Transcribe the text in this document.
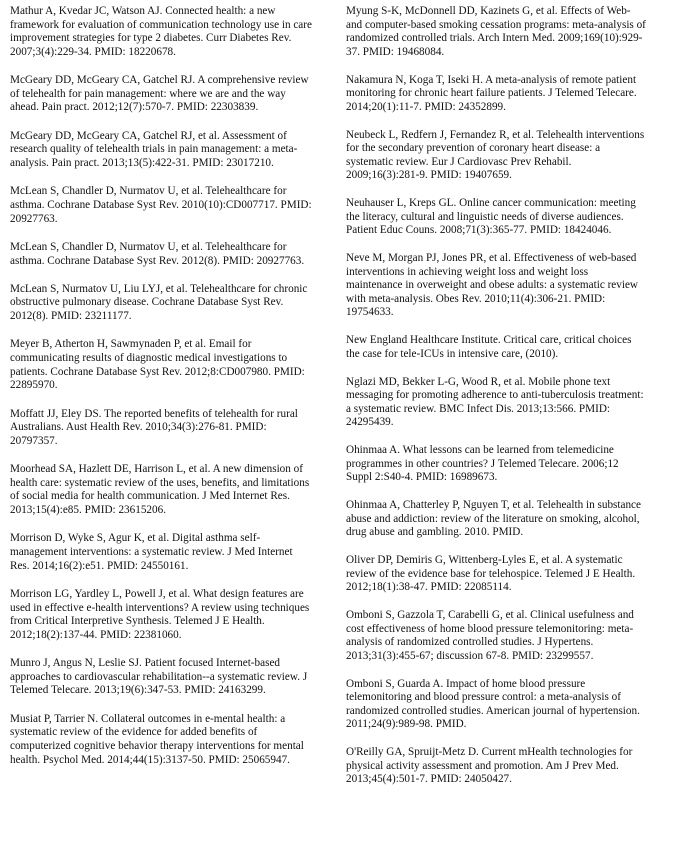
Mathur A, Kvedar JC, Watson AJ. Connected health: a new framework for evaluation of communication technology use in care improvement strategies for type 2 diabetes. Curr Diabetes Rev. 2007;3(4):229-34. PMID: 18220678.

McGeary DD, McGeary CA, Gatchel RJ. A comprehensive review of telehealth for pain management: where we are and the way ahead. Pain pract. 2012;12(7):570-7. PMID: 22303839.

McGeary DD, McGeary CA, Gatchel RJ, et al. Assessment of research quality of telehealth trials in pain management: a meta-analysis. Pain pract. 2013;13(5):422-31. PMID: 23017210.

McLean S, Chandler D, Nurmatov U, et al. Telehealthcare for asthma. Cochrane Database Syst Rev. 2010(10):CD007717. PMID: 20927763.

McLean S, Chandler D, Nurmatov U, et al. Telehealthcare for asthma. Cochrane Database Syst Rev. 2012(8). PMID: 20927763.

McLean S, Nurmatov U, Liu LYJ, et al. Telehealthcare for chronic obstructive pulmonary disease. Cochrane Database Syst Rev. 2012(8). PMID: 23211177.

Meyer B, Atherton H, Sawmynaden P, et al. Email for communicating results of diagnostic medical investigations to patients. Cochrane Database Syst Rev. 2012;8:CD007980. PMID: 22895970.

Moffatt JJ, Eley DS. The reported benefits of telehealth for rural Australians. Aust Health Rev. 2010;34(3):276-81. PMID: 20797357.

Moorhead SA, Hazlett DE, Harrison L, et al. A new dimension of health care: systematic review of the uses, benefits, and limitations of social media for health communication. J Med Internet Res. 2013;15(4):e85. PMID: 23615206.

Morrison D, Wyke S, Agur K, et al. Digital asthma self-management interventions: a systematic review. J Med Internet Res. 2014;16(2):e51. PMID: 24550161.

Morrison LG, Yardley L, Powell J, et al. What design features are used in effective e-health interventions? A review using techniques from Critical Interpretive Synthesis. Telemed J E Health. 2012;18(2):137-44. PMID: 22381060.

Munro J, Angus N, Leslie SJ. Patient focused Internet-based approaches to cardiovascular rehabilitation--a systematic review. J Telemed Telecare. 2013;19(6):347-53. PMID: 24163299.

Musiat P, Tarrier N. Collateral outcomes in e-mental health: a systematic review of the evidence for added benefits of computerized cognitive behavior therapy interventions for mental health. Psychol Med. 2014;44(15):3137-50. PMID: 25065947.

Myung S-K, McDonnell DD, Kazinets G, et al. Effects of Web- and computer-based smoking cessation programs: meta-analysis of randomized controlled trials. Arch Intern Med. 2009;169(10):929-37. PMID: 19468084.

Nakamura N, Koga T, Iseki H. A meta-analysis of remote patient monitoring for chronic heart failure patients. J Telemed Telecare. 2014;20(1):11-7. PMID: 24352899.

Neubeck L, Redfern J, Fernandez R, et al. Telehealth interventions for the secondary prevention of coronary heart disease: a systematic review. Eur J Cardiovasc Prev Rehabil. 2009;16(3):281-9. PMID: 19407659.

Neuhauser L, Kreps GL. Online cancer communication: meeting the literacy, cultural and linguistic needs of diverse audiences. Patient Educ Couns. 2008;71(3):365-77. PMID: 18424046.

Neve M, Morgan PJ, Jones PR, et al. Effectiveness of web-based interventions in achieving weight loss and weight loss maintenance in overweight and obese adults: a systematic review with meta-analysis. Obes Rev. 2010;11(4):306-21. PMID: 19754633.

New England Healthcare Institute. Critical care, critical choices the case for tele-ICUs in intensive care, (2010).

Nglazi MD, Bekker L-G, Wood R, et al. Mobile phone text messaging for promoting adherence to anti-tuberculosis treatment: a systematic review. BMC Infect Dis. 2013;13:566. PMID: 24295439.

Ohinmaa A. What lessons can be learned from telemedicine programmes in other countries? J Telemed Telecare. 2006;12 Suppl 2:S40-4. PMID: 16989673.

Ohinmaa A, Chatterley P, Nguyen T, et al. Telehealth in substance abuse and addiction: review of the literature on smoking, alcohol, drug abuse and gambling. 2010. PMID.

Oliver DP, Demiris G, Wittenberg-Lyles E, et al. A systematic review of the evidence base for telehospice. Telemed J E Health. 2012;18(1):38-47. PMID: 22085114.

Omboni S, Gazzola T, Carabelli G, et al. Clinical usefulness and cost effectiveness of home blood pressure telemonitoring: meta-analysis of randomized controlled studies. J Hypertens. 2013;31(3):455-67; discussion 67-8. PMID: 23299557.

Omboni S, Guarda A. Impact of home blood pressure telemonitoring and blood pressure control: a meta-analysis of randomized controlled studies. American journal of hypertension. 2011;24(9):989-98. PMID.

O'Reilly GA, Spruijt-Metz D. Current mHealth technologies for physical activity assessment and promotion. Am J Prev Med. 2013;45(4):501-7. PMID: 24050427.
